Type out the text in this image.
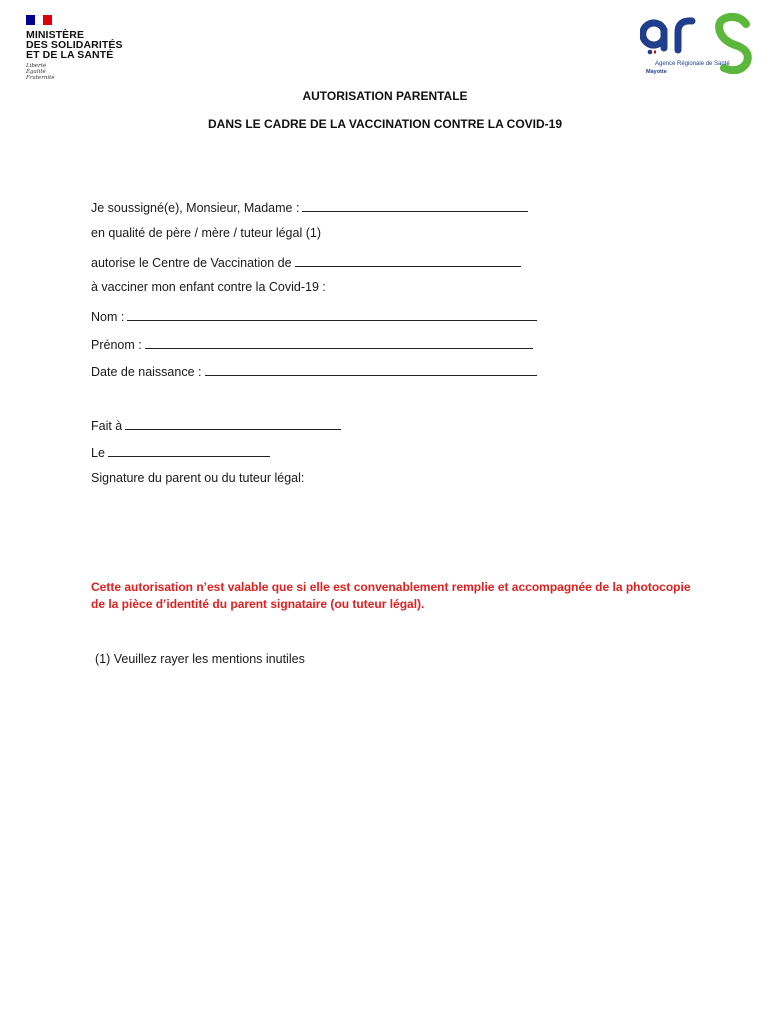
MINISTÈRE
DES SOLIDARITÉS
ET DE LA SANTÉ
Liberté
Égalité
Fraternité
Agence Régionale de Santé
Mayotte
AUTORISATION PARENTALE
DANS LE CADRE DE LA VACCINATION CONTRE LA COVID-19
Je soussigné(e), Monsieur, Madame :
en qualité de père / mère / tuteur légal (1)
autorise le Centre de Vaccination de
à vacciner mon enfant contre la Covid-19 :
Nom :
Prénom :
Date de naissance :
Fait à
Le
Signature du parent ou du tuteur légal:
Cette autorisation n’est valable que si elle est convenablement remplie et accompagnée de la photocopie de la pièce d’identité du parent signataire (ou tuteur légal).
(1) Veuillez rayer les mentions inutiles
